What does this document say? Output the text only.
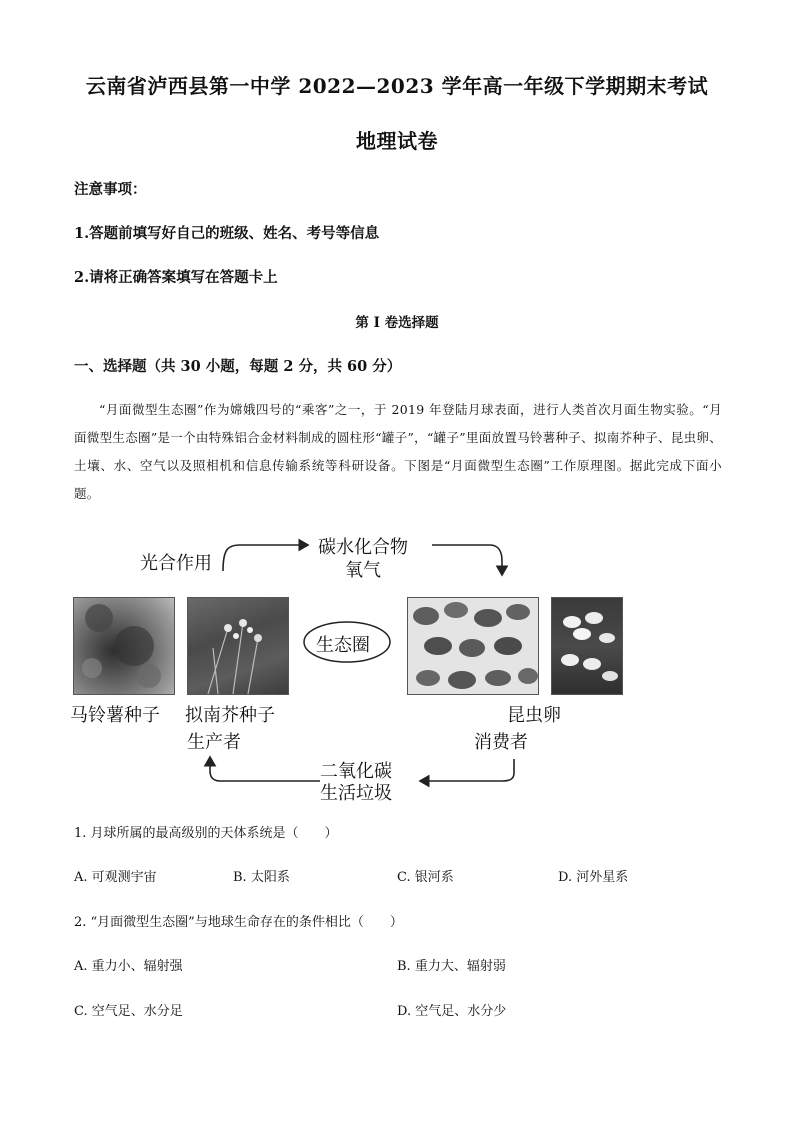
云南省泸西县第一中学 2022—2023 学年高一年级下学期期末考试
地理试卷
注意事项：
1.答题前填写好自己的班级、姓名、考号等信息
2.请将正确答案填写在答题卡上
第 I 卷选择题
一、选择题（共 30 小题，每题 2 分，共 60 分）
“月面微型生态圈”作为嫦娥四号的“乘客”之一，于 2019 年登陆月球表面，进行人类首次月面生物实验。“月面微型生态圈”是一个由特殊铝合金材料制成的圆柱形“罐子”，“罐子”里面放置马铃薯种子、拟南芥种子、昆虫卵、土壤、水、空气以及照相机和信息传输系统等科研设备。下图是“月面微型生态圈”工作原理图。据此完成下面小题。
光合作用
碳水化合物
氧气
生态圈
马铃薯种子 拟南芥种子
生产者
昆虫卵
消费者
二氧化碳
生活垃圾
1. 月球所属的最高级别的天体系统是（　　）
A. 可观测宇宙	B. 太阳系	C. 银河系	D. 河外星系
2. “月面微型生态圈”与地球生命存在的条件相比（　　）
A. 重力小、辐射强	B. 重力大、辐射弱
C. 空气足、水分足	D. 空气足、水分少
